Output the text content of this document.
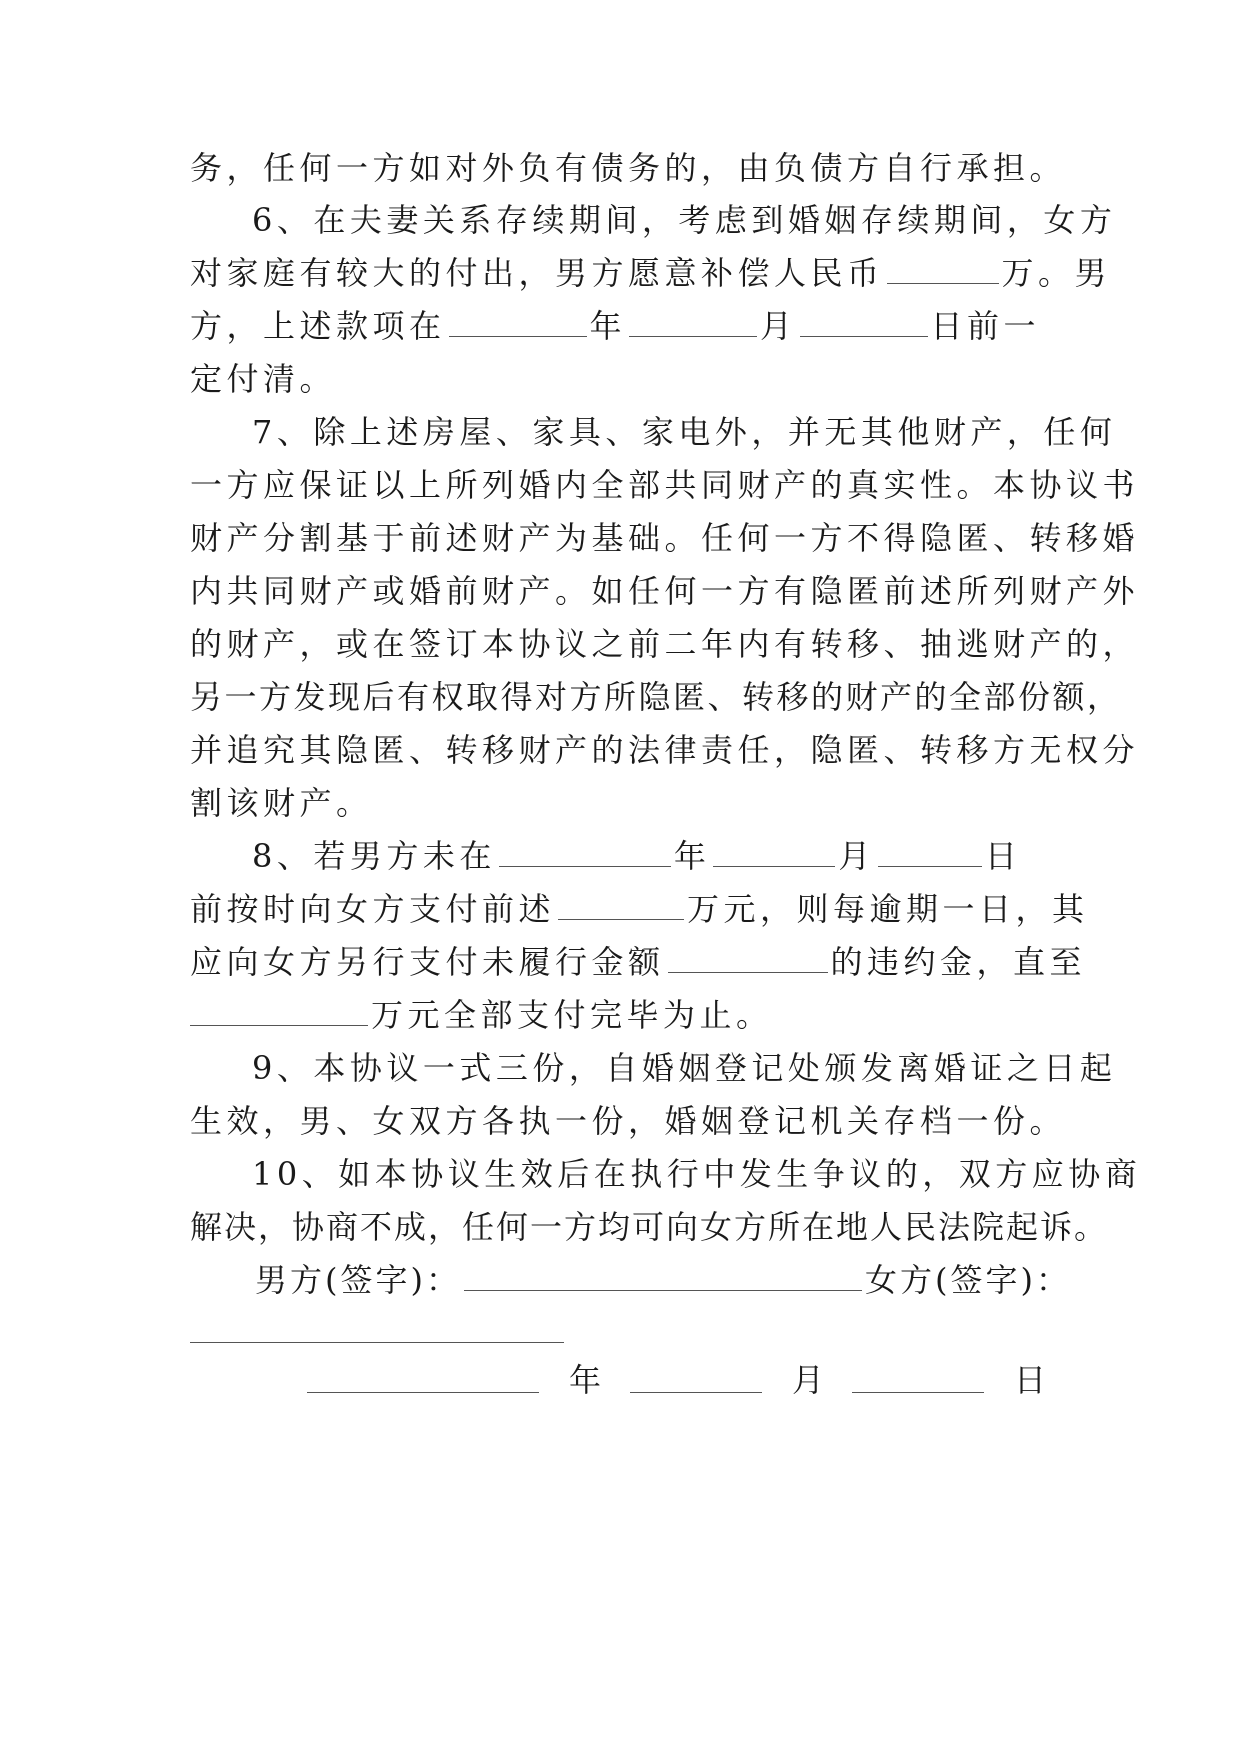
务，任何一方如对外负有债务的，由负债方自行承担。
6、在夫妻关系存续期间，考虑到婚姻存续期间，女方
对家庭有较大的付出，男方愿意补偿人民币	万。男
方，上述款项在	年	月	日前一
定付清。
7、除上述房屋、家具、家电外，并无其他财产，任何
一方应保证以上所列婚内全部共同财产的真实性。本协议书
财产分割基于前述财产为基础。任何一方不得隐匿、转移婚
内共同财产或婚前财产。如任何一方有隐匿前述所列财产外
的财产，或在签订本协议之前二年内有转移、抽逃财产的，
另一方发现后有权取得对方所隐匿、转移的财产的全部份额，
并追究其隐匿、转移财产的法律责任，隐匿、转移方无权分
割该财产。
8、若男方未在	年	月	日
前按时向女方支付前述	万元，则每逾期一日，其
应向女方另行支付未履行金额	的违约金，直至
万元全部支付完毕为止。
9、本协议一式三份，自婚姻登记处颁发离婚证之日起
生效，男、女双方各执一份，婚姻登记机关存档一份。
10、如本协议生效后在执行中发生争议的，双方应协商
解决，协商不成，任何一方均可向女方所在地人民法院起诉。
男方(签字)：	女方(签字)：
年	月	日
